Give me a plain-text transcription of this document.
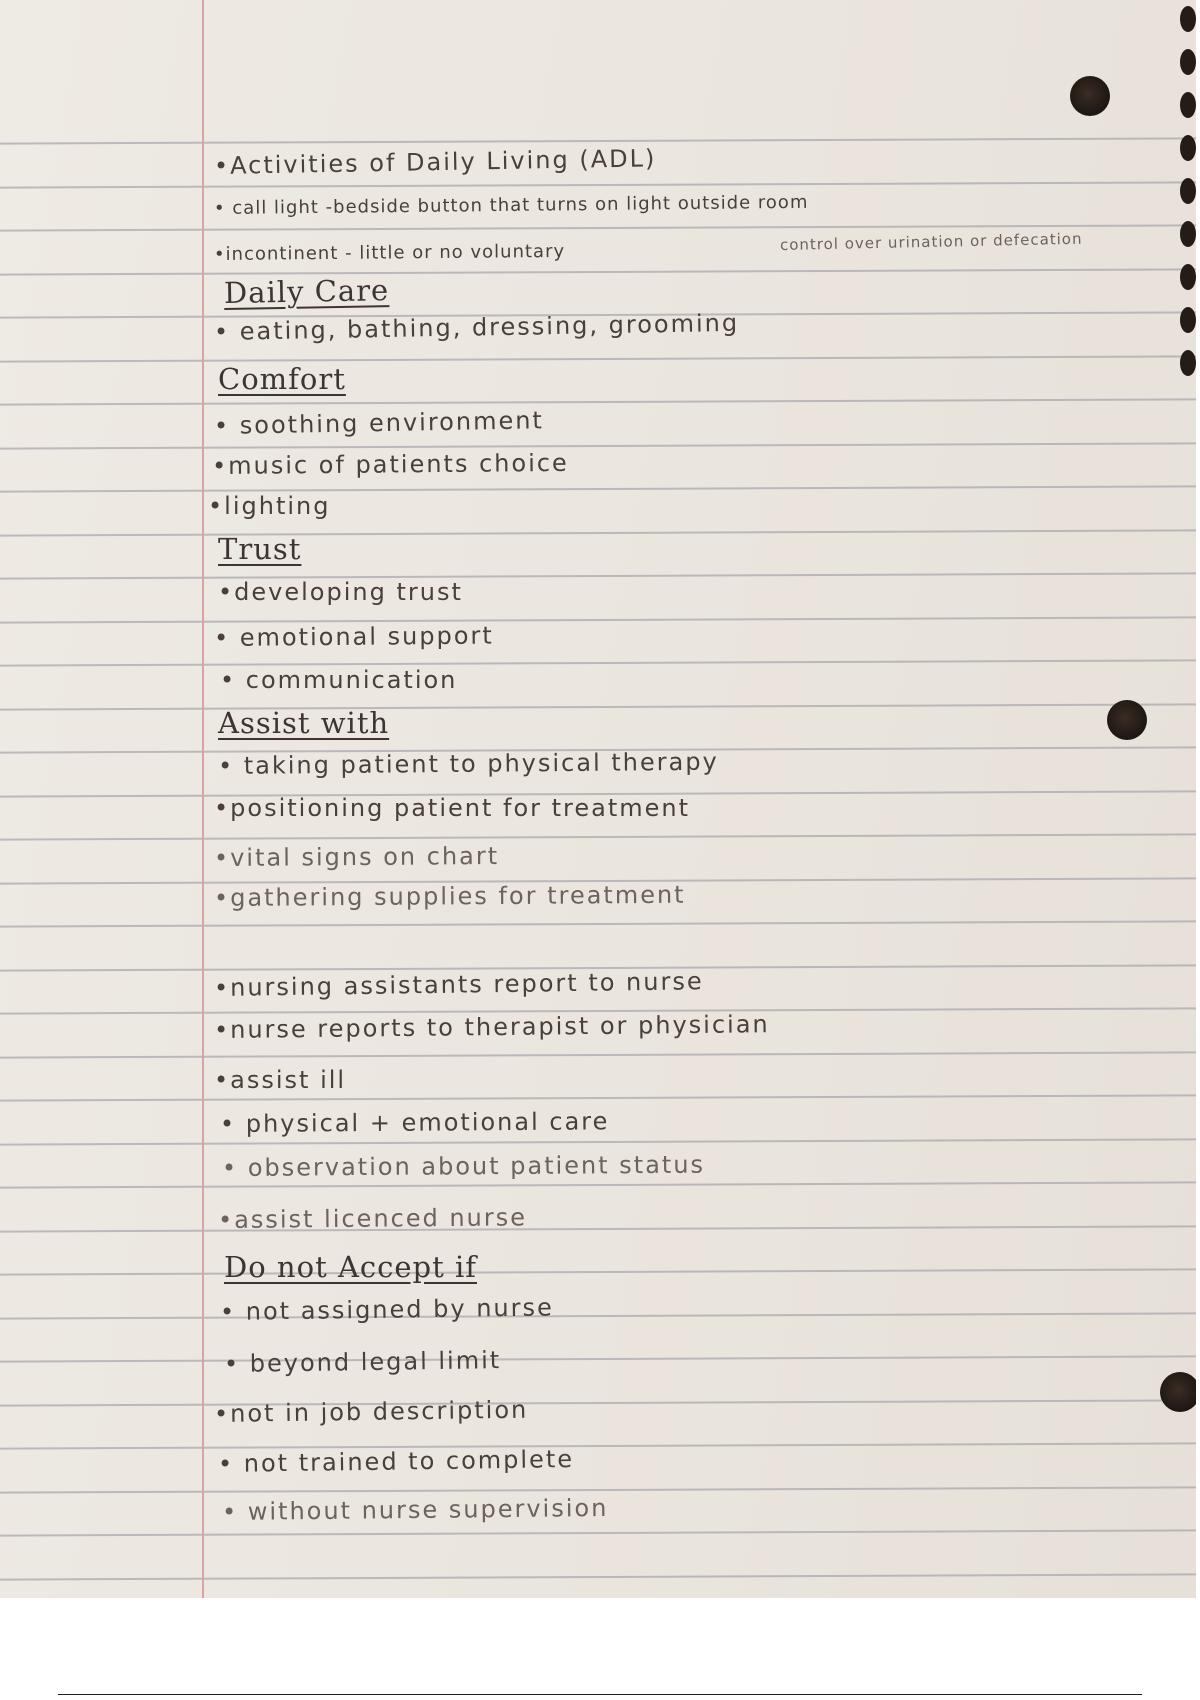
•Activities of Daily Living (ADL)
• call light -bedside button that turns on light outside room
•incontinent - little or no voluntary	control over urination or defecation
Daily Care
• eating, bathing, dressing, grooming
Comfort
• soothing environment
•music of patients choice
•lighting
Trust
•developing trust
• emotional support
• communication
Assist with
• taking patient to physical therapy
•positioning patient for treatment
•vital signs on chart
•gathering supplies for treatment
•nursing assistants report to nurse
•nurse reports to therapist or physician
•assist ill
• physical + emotional care
• observation about patient status
•assist licenced nurse
Do not Accept if
• not assigned by nurse
• beyond legal limit
•not in job description
• not trained to complete
• without nurse supervision
